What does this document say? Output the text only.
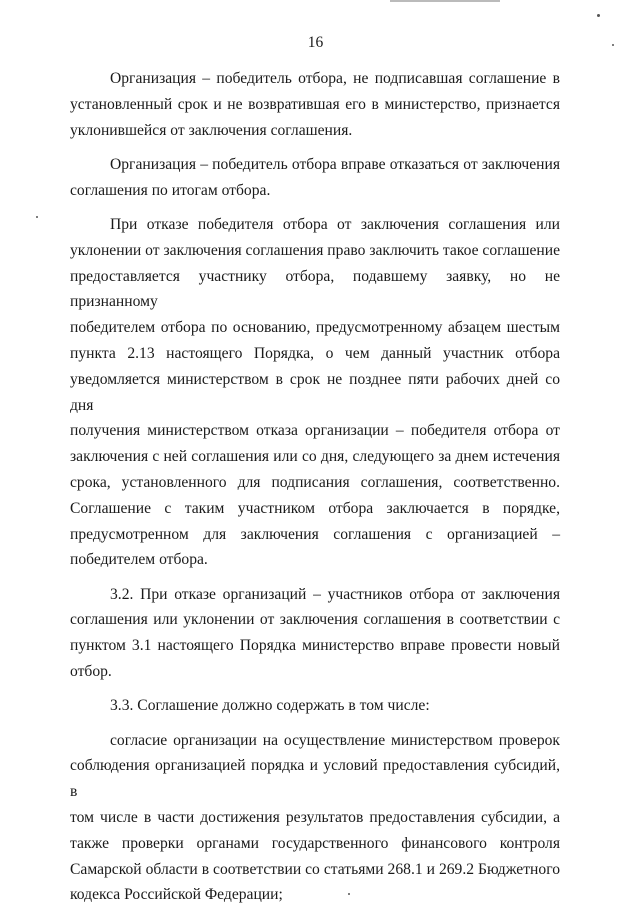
16
Организация – победитель отбора, не подписавшая соглашение в
установленный срок и не возвратившая его в министерство, признается
уклонившейся от заключения соглашения.
Организация – победитель отбора вправе отказаться от заключения
соглашения по итогам отбора.
При отказе победителя отбора от заключения соглашения или
уклонении от заключения соглашения право заключить такое соглашение
предоставляется участнику отбора, подавшему заявку, но не признанному
победителем отбора по основанию, предусмотренному абзацем шестым
пункта 2.13 настоящего Порядка, о чем данный участник отбора
уведомляется министерством в срок не позднее пяти рабочих дней со дня
получения министерством отказа организации – победителя отбора от
заключения с ней соглашения или со дня, следующего за днем истечения
срока, установленного для подписания соглашения, соответственно.
Соглашение с таким участником отбора заключается в порядке,
предусмотренном для заключения соглашения с организацией –
победителем отбора.
3.2. При отказе организаций – участников отбора от заключения
соглашения или уклонении от заключения соглашения в соответствии с
пунктом 3.1 настоящего Порядка министерство вправе провести новый
отбор.
3.3. Соглашение должно содержать в том числе:
согласие организации на осуществление министерством проверок
соблюдения организацией порядка и условий предоставления субсидий, в
том числе в части достижения результатов предоставления субсидии, а
также проверки органами государственного финансового контроля
Самарской области в соответствии со статьями 268.1 и 269.2 Бюджетного
кодекса Российской Федерации;
